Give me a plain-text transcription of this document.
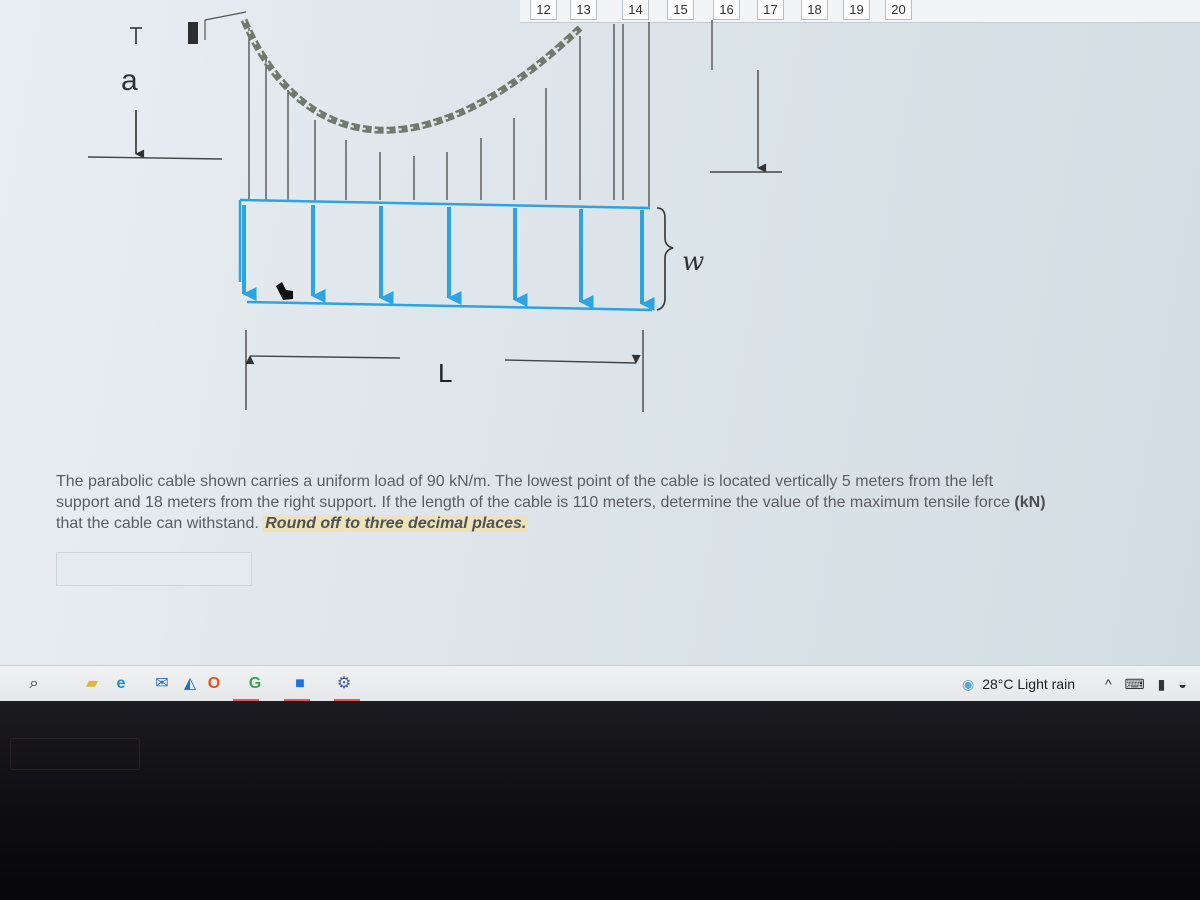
12	13	14	15	16	17	18	19	20
a
w
L
The parabolic cable shown carries a uniform load of 90 kN/m. The lowest point of the cable is located vertically 5 meters from the left
support and 18 meters from the right support. If the length of the cable is 110 meters, determine the value of the maximum tensile force (kN)
that the cable can withstand. Round off to three decimal places.
⌕	▰	e	✉ ◭ O G	■	⚙	◉ 28°C Light rain ^ ⌨ ▮ ◒
